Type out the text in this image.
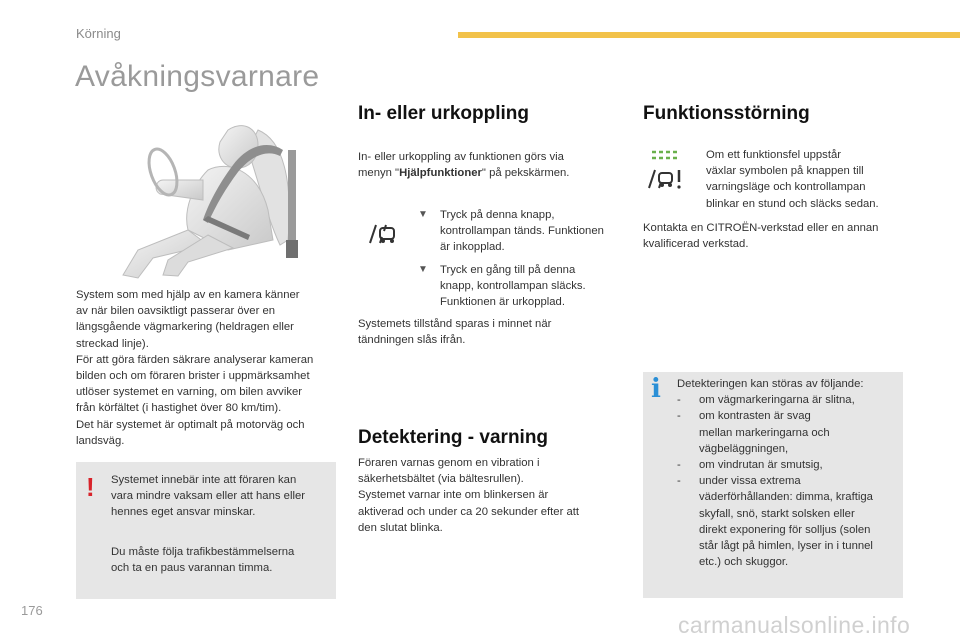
Körning
Avåkningsvarnare
System som med hjälp av en kamera känner
av när bilen oavsiktligt passerar över en
längsgående vägmarkering (heldragen eller
streckad linje).
För att göra färden säkrare analyserar kameran
bilden och om föraren brister i uppmärksamhet
utlöser systemet en varning, om bilen avviker
från körfältet (i hastighet över 80 km/tim).
Det här systemet är optimalt på motorväg och
landsväg.
! Systemet innebär inte att föraren kan
vara mindre vaksam eller att hans eller
hennes eget ansvar minskar.
Du måste följa trafikbestämmelserna
och ta en paus varannan timma.
In- eller urkoppling
In- eller urkoppling av funktionen görs via
menyn "Hjälpfunktioner" på pekskärmen.
▼ Tryck på denna knapp,
kontrollampan tänds. Funktionen
är inkopplad.
▼ Tryck en gång till på denna
knapp, kontrollampan släcks.
Funktionen är urkopplad.
Systemets tillstånd sparas i minnet när
tändningen slås ifrån.
Detektering - varning
Föraren varnas genom en vibration i
säkerhetsbältet (via bältesrullen).
Systemet varnar inte om blinkersen är
aktiverad och under ca 20 sekunder efter att
den slutat blinka.
Funktionsstörning
Om ett funktionsfel uppstår
växlar symbolen på knappen till
varningsläge och kontrollampan
blinkar en stund och släcks sedan.
Kontakta en CITROËN-verkstad eller en annan
kvalificerad verkstad.
i Detekteringen kan störas av följande:
- om vägmarkeringarna är slitna,
- om kontrasten är svag
mellan markeringarna och
vägbeläggningen,
- om vindrutan är smutsig,
- under vissa extrema
väderförhållanden: dimma, kraftiga
skyfall, snö, starkt solsken eller
direkt exponering för solljus (solen
står lågt på himlen, lyser in i tunnel
etc.) och skuggor.
176
carmanualsonline.info
